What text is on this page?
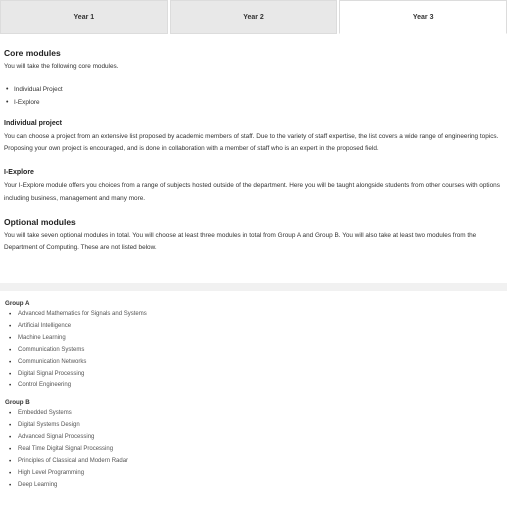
Year 1	Year 2	Year 3
Core modules

You will take the following core modules.

• Individual Project
• I-Explore
Individual project

You can choose a project from an extensive list proposed by academic members of staff. Due to the variety of staff expertise, the list covers a wide range of engineering topics. Proposing your own project is encouraged, and is done in collaboration with a member of staff who is an expert in the proposed field.

I-Explore

Your I-Explore module offers you choices from a range of subjects hosted outside of the department. Here you will be taught alongside students from other courses with options including business, management and many more.

Optional modules

You will take seven optional modules in total. You will choose at least three modules in total from Group A and Group B. You will also take at least two modules from the Department of Computing. These are not listed below.

Group A
• Advanced Mathematics for Signals and Systems
• Artificial Intelligence
• Machine Learning
• Communication Systems
• Communication Networks
• Digital Signal Processing
• Control Engineering
Group B
• Embedded Systems
• Digital Systems Design
• Advanced Signal Processing
• Real Time Digital Signal Processing
• Principles of Classical and Modern Radar
• High Level Programming
• Deep Learning
